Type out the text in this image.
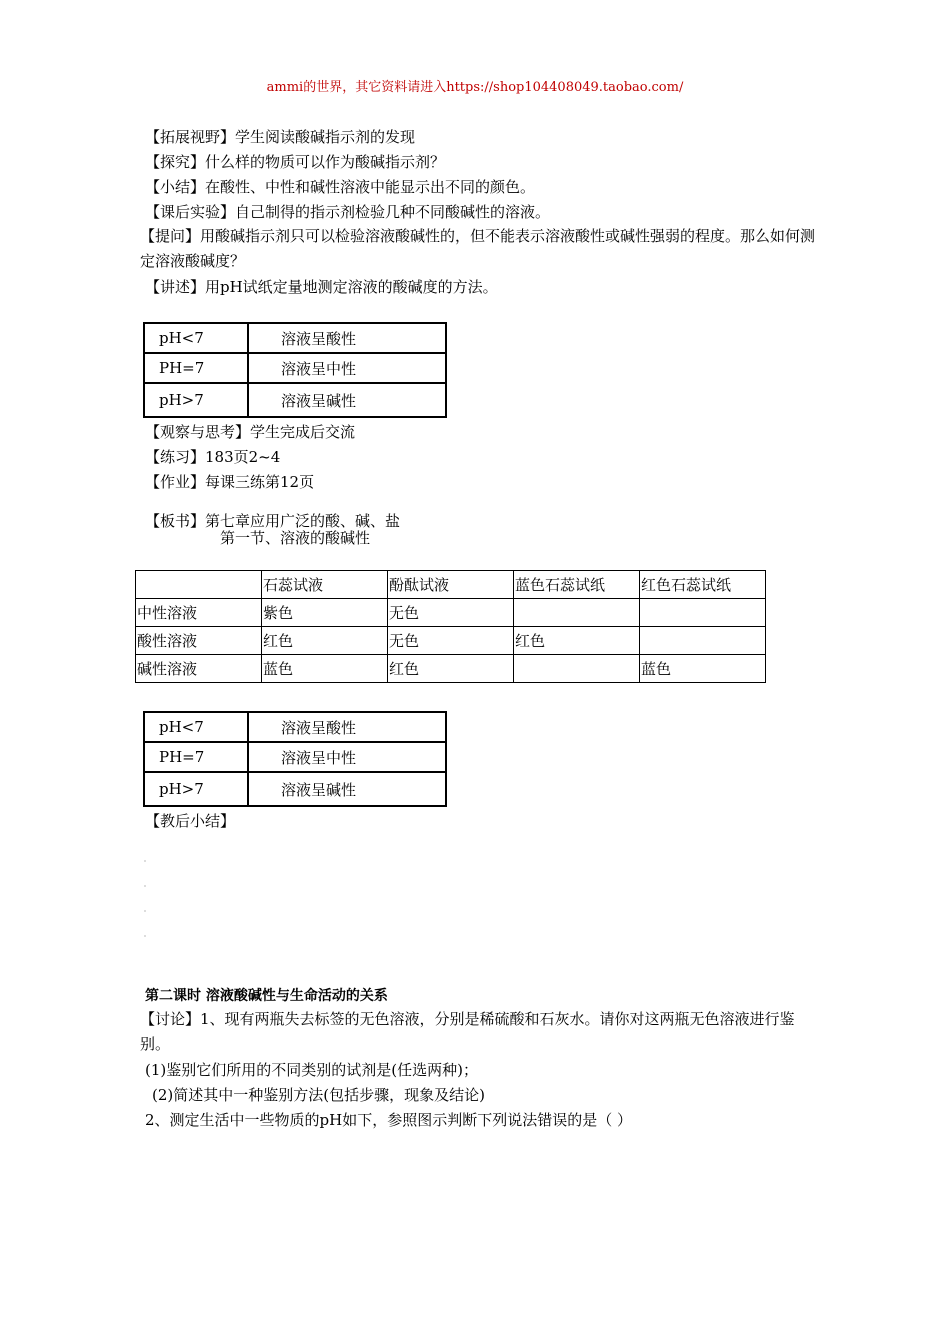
ammi的世界，其它资料请进入https://shop104408049.taobao.com/
【拓展视野】学生阅读酸碱指示剂的发现
【探究】什么样的物质可以作为酸碱指示剂？
【小结】在酸性、中性和碱性溶液中能显示出不同的颜色。
【课后实验】自己制得的指示剂检验几种不同酸碱性的溶液。
【提问】用酸碱指示剂只可以检验溶液酸碱性的，但不能表示溶液酸性或碱性强弱的程度。那么如何测定溶液酸碱度？
【讲述】用pH试纸定量地测定溶液的酸碱度的方法。
pH<7	溶液呈酸性
PH=7	溶液呈中性
pH>7	溶液呈碱性
【观察与思考】学生完成后交流
【练习】183页2~4
【作业】每课三练第12页
【板书】第七章应用广泛的酸、碱、盐
第一节、溶液的酸碱性
	石蕊试液	酚酞试液	蓝色石蕊试纸	红色石蕊试纸
中性溶液	紫色	无色		
酸性溶液	红色	无色	红色	
碱性溶液	蓝色	红色		蓝色
pH<7	溶液呈酸性
PH=7	溶液呈中性
pH>7	溶液呈碱性
【教后小结】
第二课时 溶液酸碱性与生命活动的关系
【讨论】1、现有两瓶失去标签的无色溶液，分别是稀硫酸和石灰水。请你对这两瓶无色溶液进行鉴别。
(1)鉴别它们所用的不同类别的试剂是(任选两种)；
(2)简述其中一种鉴别方法(包括步骤，现象及结论)
2、测定生活中一些物质的pH如下，参照图示判断下列说法错误的是（ ）
